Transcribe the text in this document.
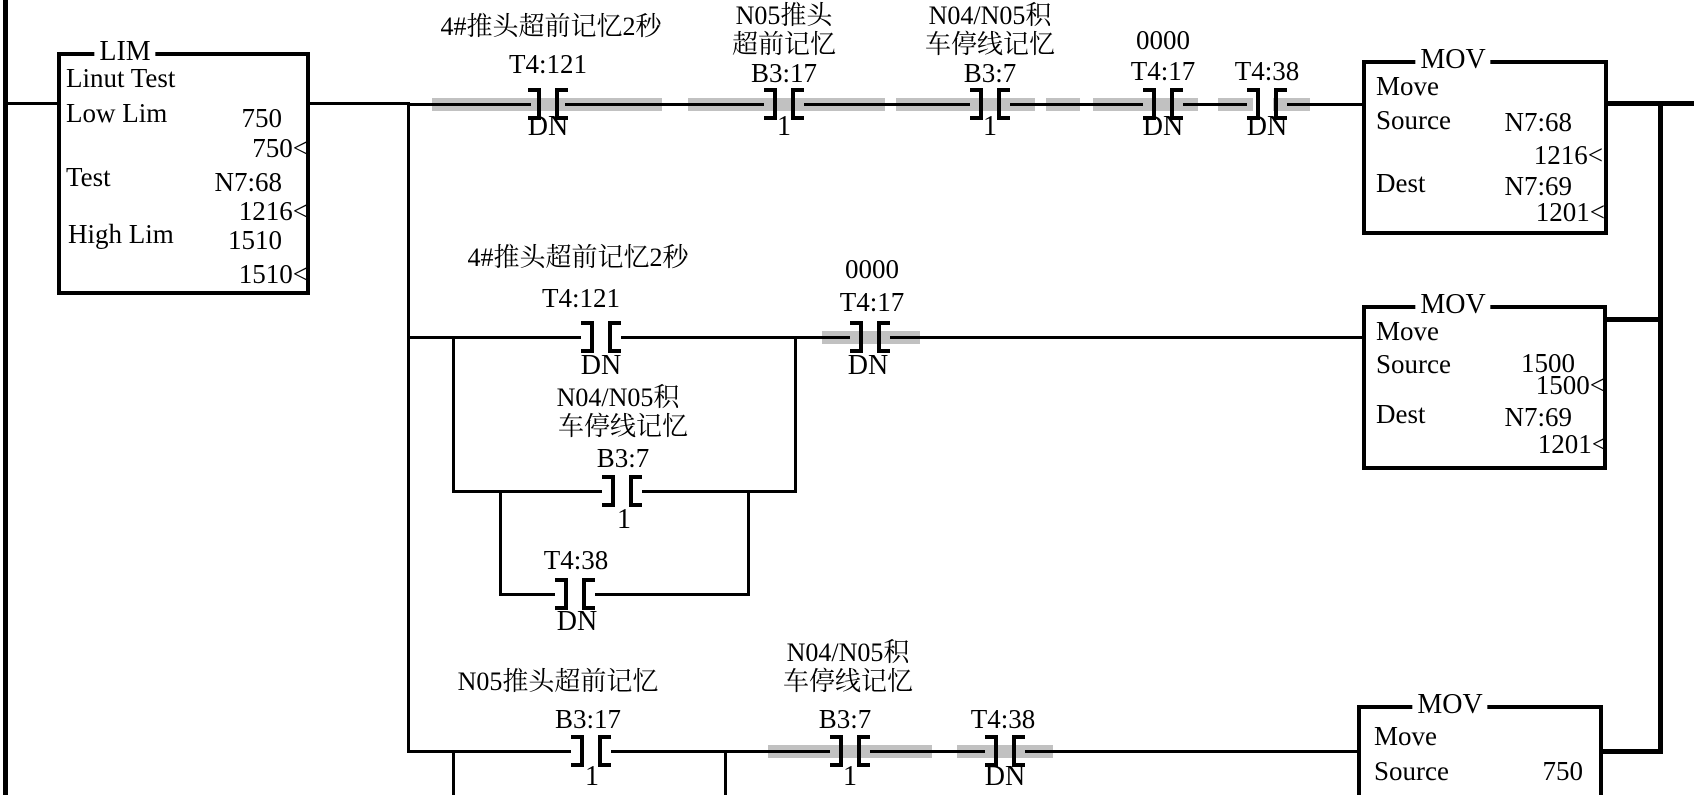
LIM
Linut Test
Low Lim	750
750<
Test	N7:68
1216<
High Lim	1510
1510<
4#推头超前记忆2秒
T4:121
DN
N05推头
超前记忆
B3:17
1
N04/N05积
车停线记忆
B3:7
1
0000
T4:17
DN
T4:38
DN
4#推头超前记忆2秒
T4:121
DN
0000
T4:17
DN
N04/N05积
车停线记忆
B3:7
1
T4:38
DN
N05推头超前记忆
B3:17
1
N04/N05积
车停线记忆
B3:7
1
T4:38
DN
MOV
Move
Source	N7:68
1216<
Dest	N7:69
1201<
MOV
Move
Source	1500
1500<
Dest	N7:69
1201<
MOV
Move
Source	750
